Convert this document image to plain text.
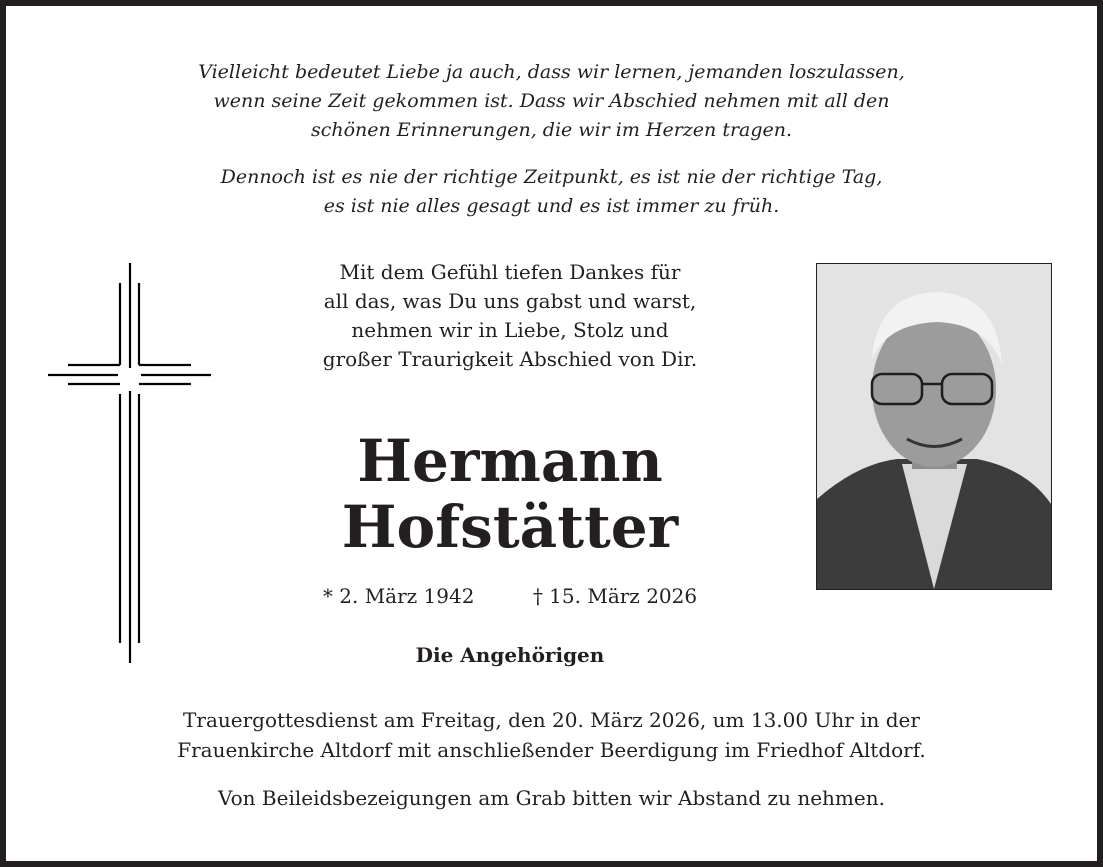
Vielleicht bedeutet Liebe ja auch, dass wir lernen, jemanden loszulassen,
wenn seine Zeit gekommen ist. Dass wir Abschied nehmen mit all den
schönen Erinnerungen, die wir im Herzen tragen.
Dennoch ist es nie der richtige Zeitpunkt, es ist nie der richtige Tag,
es ist nie alles gesagt und es ist immer zu früh.
Mit dem Gefühl tiefen Dankes für
all das, was Du uns gabst und warst,
nehmen wir in Liebe, Stolz und
großer Traurigkeit Abschied von Dir.
Hermann
Hofstätter
* 2. März 1942	† 15. März 2026
Die Angehörigen
Trauergottesdienst am Freitag, den 20. März 2026, um 13.00 Uhr in der
Frauenkirche Altdorf mit anschließender Beerdigung im Friedhof Altdorf.
Von Beileidsbezeigungen am Grab bitten wir Abstand zu nehmen.
